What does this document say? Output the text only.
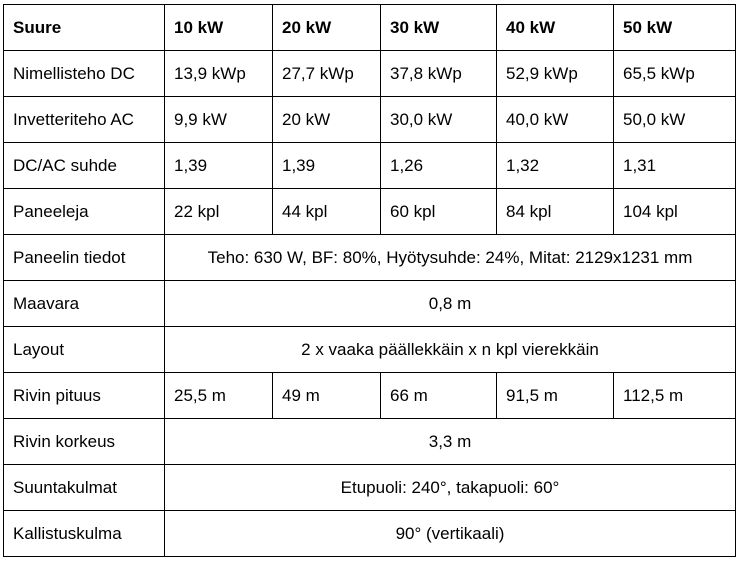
Suure	10 kW	20 kW	30 kW	40 kW	50 kW
Nimellisteho DC	13,9 kWp	27,7 kWp	37,8 kWp	52,9 kWp	65,5 kWp
Invetteriteho AC	9,9 kW	20 kW	30,0 kW	40,0 kW	50,0 kW
DC/AC suhde	1,39	1,39	1,26	1,32	1,31
Paneeleja	22 kpl	44 kpl	60 kpl	84 kpl	104 kpl
Paneelin tiedot	Teho: 630 W, BF: 80%, Hyötysuhde: 24%, Mitat: 2129x1231 mm				
Maavara	0,8 m				
Layout	2 x vaaka päällekkäin x n kpl vierekkäin				
Rivin pituus	25,5 m	49 m	66 m	91,5 m	112,5 m
Rivin korkeus	3,3 m				
Suuntakulmat	Etupuoli: 240°, takapuoli: 60°				
Kallistuskulma	90° (vertikaali)				
